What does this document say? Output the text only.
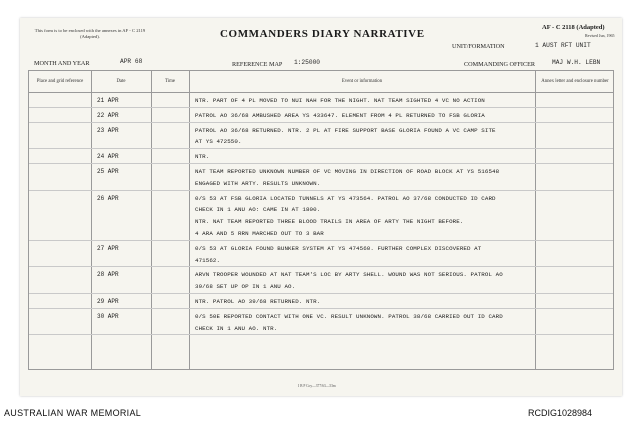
This form is to be enclosed with the annexes in AF - C 2119 (Adapted).	COMMANDERS DIARY NARRATIVE
AF - C 2118 (Adapted)
Revised Jun, 1965
UNIT/FORMATION	1 AUST RFT UNIT
MONTH AND YEAR	APR 68	REFERENCE MAP 1:25000	COMMANDING OFFICER	MAJ W.H. LEBN
Place and grid reference	Date	Time	Event or information	Annex letter and enclosure number
21 APR	NTR. PART OF 4 PL MOVED TO NUI NAH FOR THE NIGHT. NAT TEAM SIGHTED 4 VC NO ACTION
22 APR	PATROL AO 36/68 AMBUSHED AREA YS 433647. ELEMENT FROM 4 PL RETURNED TO FSB GLORIA
23 APR	PATROL AO 36/68 RETURNED. NTR. 2 PL AT FIRE SUPPORT BASE GLORIA FOUND A VC CAMP SITE
AT YS 472550.
24 APR	NTR.
25 APR	NAT TEAM REPORTED UNKNOWN NUMBER OF VC MOVING IN DIRECTION OF ROAD BLOCK AT YS 516548
ENGAGED WITH ARTY. RESULTS UNKNOWN.
26 APR	0/S 53 AT FSB GLORIA LOCATED TUNNELS AT YS 473564. PATROL AO 37/68 CONDUCTED ID CARD
CHECK IN 1 ANU AO: CAME IN AT 1800.
NTR. NAT TEAM REPORTED THREE BLOOD TRAILS IN AREA OF ARTY THE NIGHT BEFORE.
4 ARA AND 5 RRN MARCHED OUT TO 3 BAR
27 APR	0/S 53 AT GLORIA FOUND BUNKER SYSTEM AT YS 474560. FURTHER COMPLEX DISCOVERED AT
471562.
28 APR	ARVN TROOPER WOUNDED AT NAT TEAM'S LOC BY ARTY SHELL. WOUND WAS NOT SERIOUS. PATROL AO
39/68 SET UP OP IN 1 ANU AO.
29 APR	NTR. PATROL AO 39/68 RETURNED. NTR.
30 APR	0/S 50E REPORTED CONTACT WITH ONE VC. RESULT UNKNOWN. PATROL 38/68 CARRIED OUT ID CARD
CHECK IN 1 ANU AO. NTR.
I B P Coy—377/63—53m
AUSTRALIAN WAR MEMORIAL	RCDIG1028984
